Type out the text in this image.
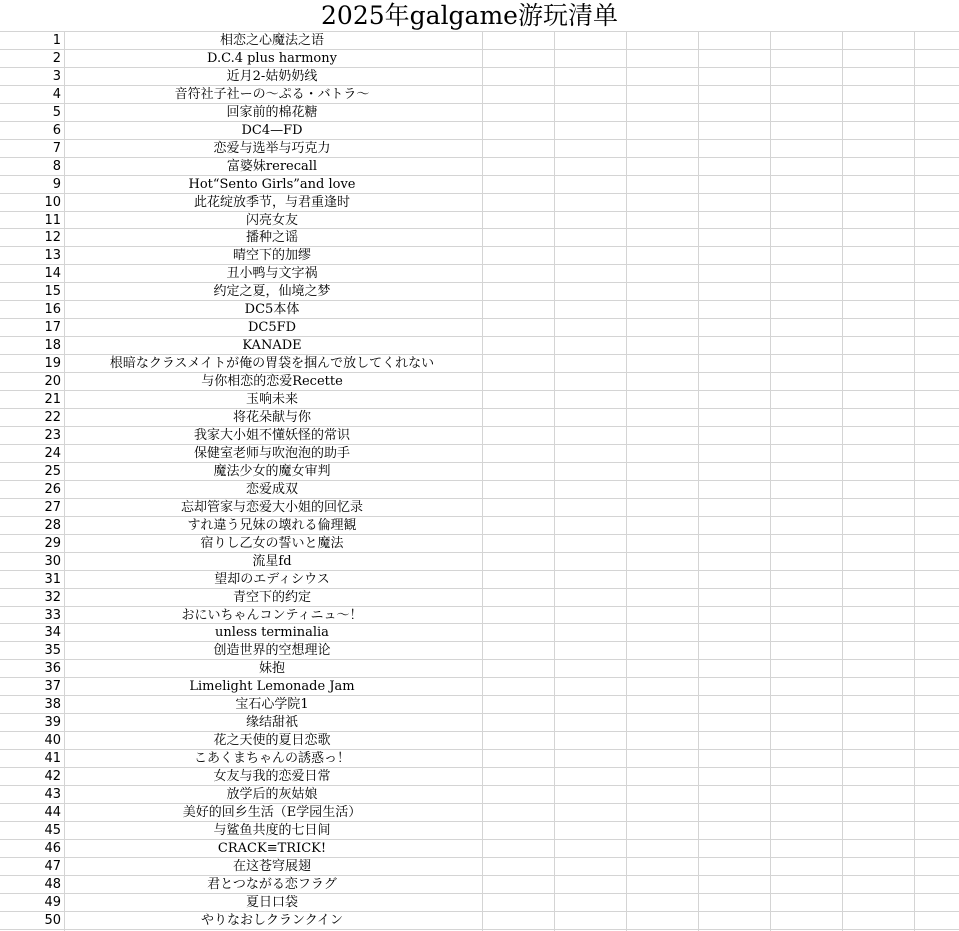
2025年galgame游玩清单
1	相恋之心魔法之语
2	D.C.4 plus harmony
3	近月2-姑奶奶线
4	音符社子社ーの～ぷる・バトラ～
5	回家前的棉花糖
6	DC4—FD
7	恋爱与选举与巧克力
8	富婆妹rerecall
9	Hot“Sento Girls”and love
10	此花绽放季节，与君重逢时
11	闪亮女友
12	播种之谣
13	晴空下的加缪
14	丑小鸭与文字祸
15	约定之夏，仙境之梦
16	DC5本体
17	DC5FD
18	KANADE
19	根暗なクラスメイトが俺の胃袋を掴んで放してくれない
20	与你相恋的恋爱Recette
21	玉响未来
22	将花朵献与你
23	我家大小姐不懂妖怪的常识
24	保健室老师与吹泡泡的助手
25	魔法少女的魔女审判
26	恋爱成双
27	忘却管家与恋爱大小姐的回忆录
28	すれ違う兄妹の壊れる倫理観
29	宿りし乙女の誓いと魔法
30	流星fd
31	望却のエディシウス
32	青空下的约定
33	おにいちゃんコンティニュ～！
34	unless terminalia
35	创造世界的空想理论
36	妹抱
37	Limelight Lemonade Jam
38	宝石心学院1
39	缘结甜祇
40	花之天使的夏日恋歌
41	こあくまちゃんの誘惑っ！
42	女友与我的恋爱日常
43	放学后的灰姑娘
44	美好的回乡生活（E学园生活）
45	与鲨鱼共度的七日间
46	CRACK≡TRICK!
47	在这苍穹展翅
48	君とつながる恋フラグ
49	夏日口袋
50	やりなおしクランクイン
